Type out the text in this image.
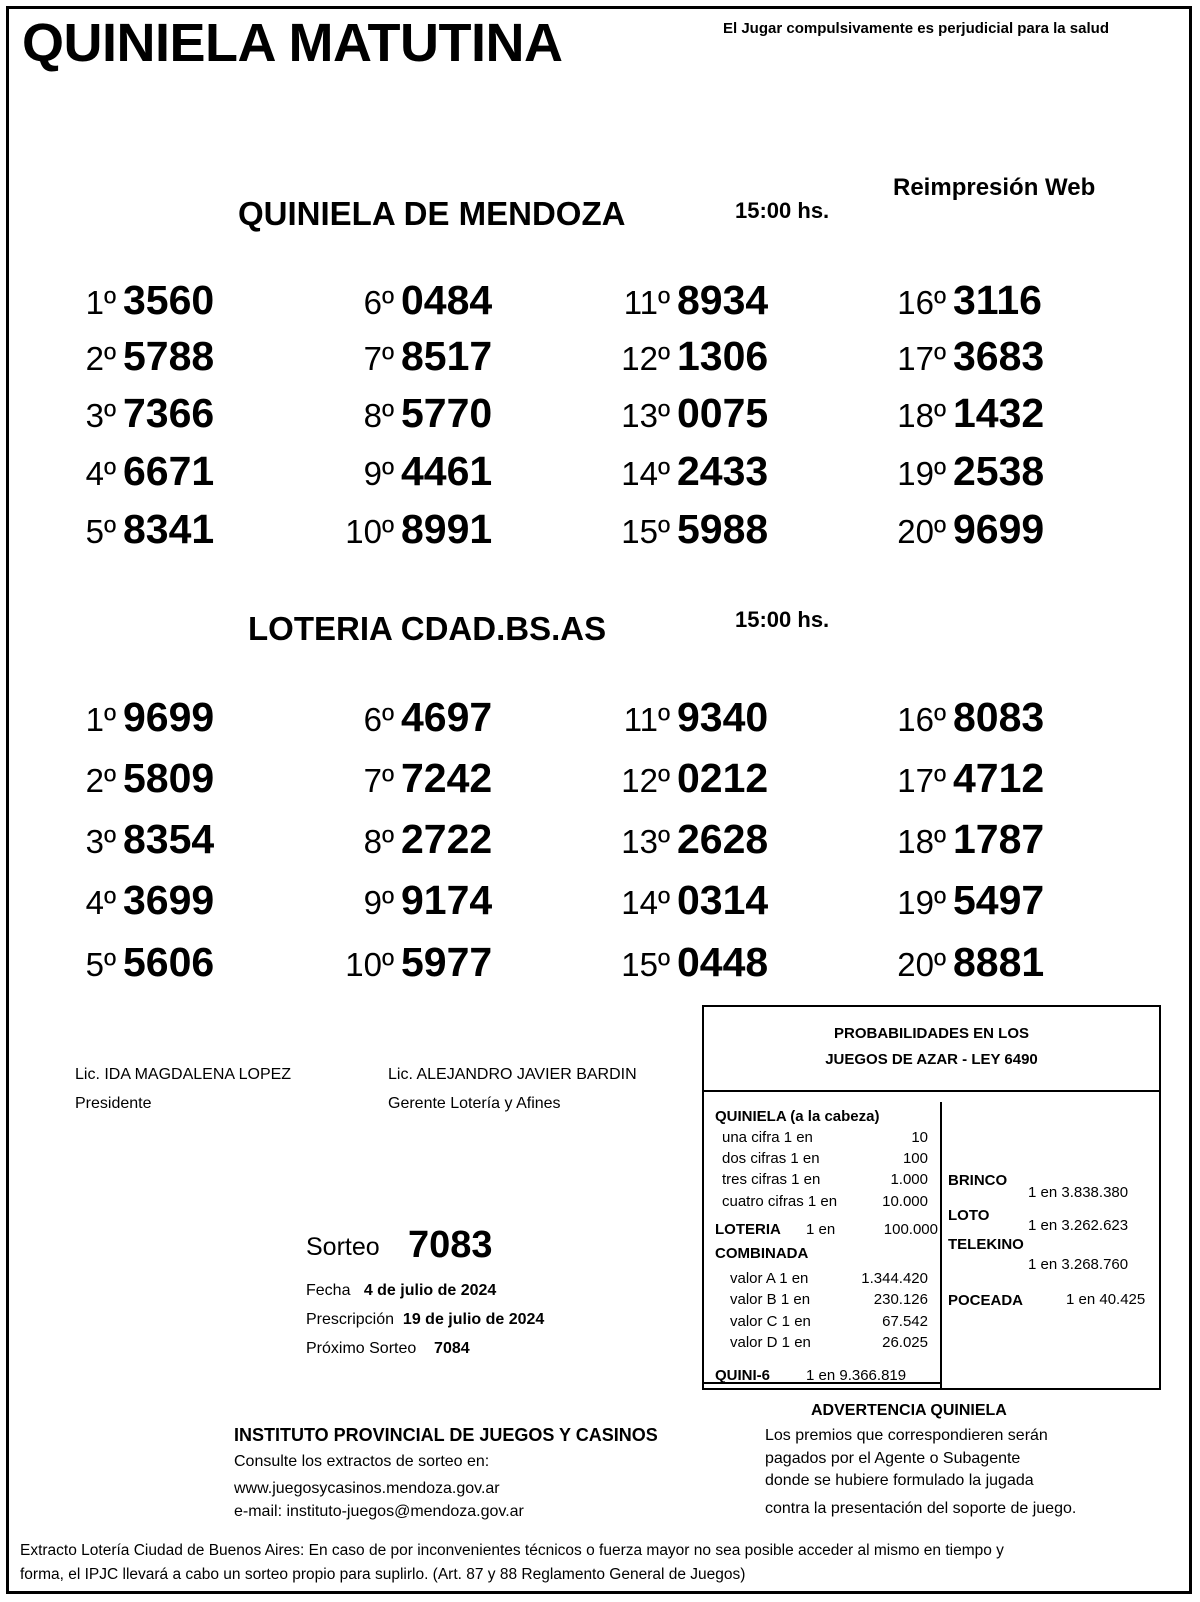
QUINIELA MATUTINA	El Jugar compulsivamente es perjudicial para la salud
Reimpresión Web
QUINIELA DE MENDOZA	15:00 hs.
1º 3560
2º 5788
3º 7366
4º 6671
5º 8341
6º 0484
7º 8517
8º 5770
9º 4461
10º 8991
11º 8934
12º 1306
13º 0075
14º 2433
15º 5988
16º 3116
17º 3683
18º 1432
19º 2538
20º 9699
LOTERIA CDAD.BS.AS	15:00 hs.
1º 9699
2º 5809
3º 8354
4º 3699
5º 5606
6º 4697
7º 7242
8º 2722
9º 9174
10º 5977
11º 9340
12º 0212
13º 2628
14º 0314
15º 0448
16º 8083
17º 4712
18º 1787
19º 5497
20º 8881
Lic. IDA MAGDALENA LOPEZ
Presidente
Lic. ALEJANDRO JAVIER BARDIN
Gerente Lotería y Afines
PROBABILIDADES EN LOS
JUEGOS DE AZAR - LEY 6490
QUINIELA (a la cabeza)
una cifra 1 en	10
dos cifras 1 en	100
tres cifras 1 en	1.000
cuatro cifras 1 en	10.000
LOTERIA 1 en	100.000
COMBINADA
valor A 1 en	1.344.420
valor B 1 en	230.126
valor C 1 en	67.542
valor D 1 en	26.025
QUINI-6 1 en 9.366.819
BRINCO
1 en 3.838.380
LOTO
1 en 3.262.623
TELEKINO
1 en 3.268.760
POCEADA	1 en 40.425
Sorteo 7083
Fecha 4 de julio de 2024
Prescripción 19 de julio de 2024
Próximo Sorteo 7084
INSTITUTO PROVINCIAL DE JUEGOS Y CASINOS
Consulte los extractos de sorteo en:
www.juegosycasinos.mendoza.gov.ar
e-mail: instituto-juegos@mendoza.gov.ar
ADVERTENCIA QUINIELA
Los premios que correspondieren serán
pagados por el Agente o Subagente
donde se hubiere formulado la jugada
contra la presentación del soporte de juego.
Extracto Lotería Ciudad de Buenos Aires: En caso de por inconvenientes técnicos o fuerza mayor no sea posible acceder al mismo en tiempo y
forma, el IPJC llevará a cabo un sorteo propio para suplirlo. (Art. 87 y 88 Reglamento General de Juegos)
